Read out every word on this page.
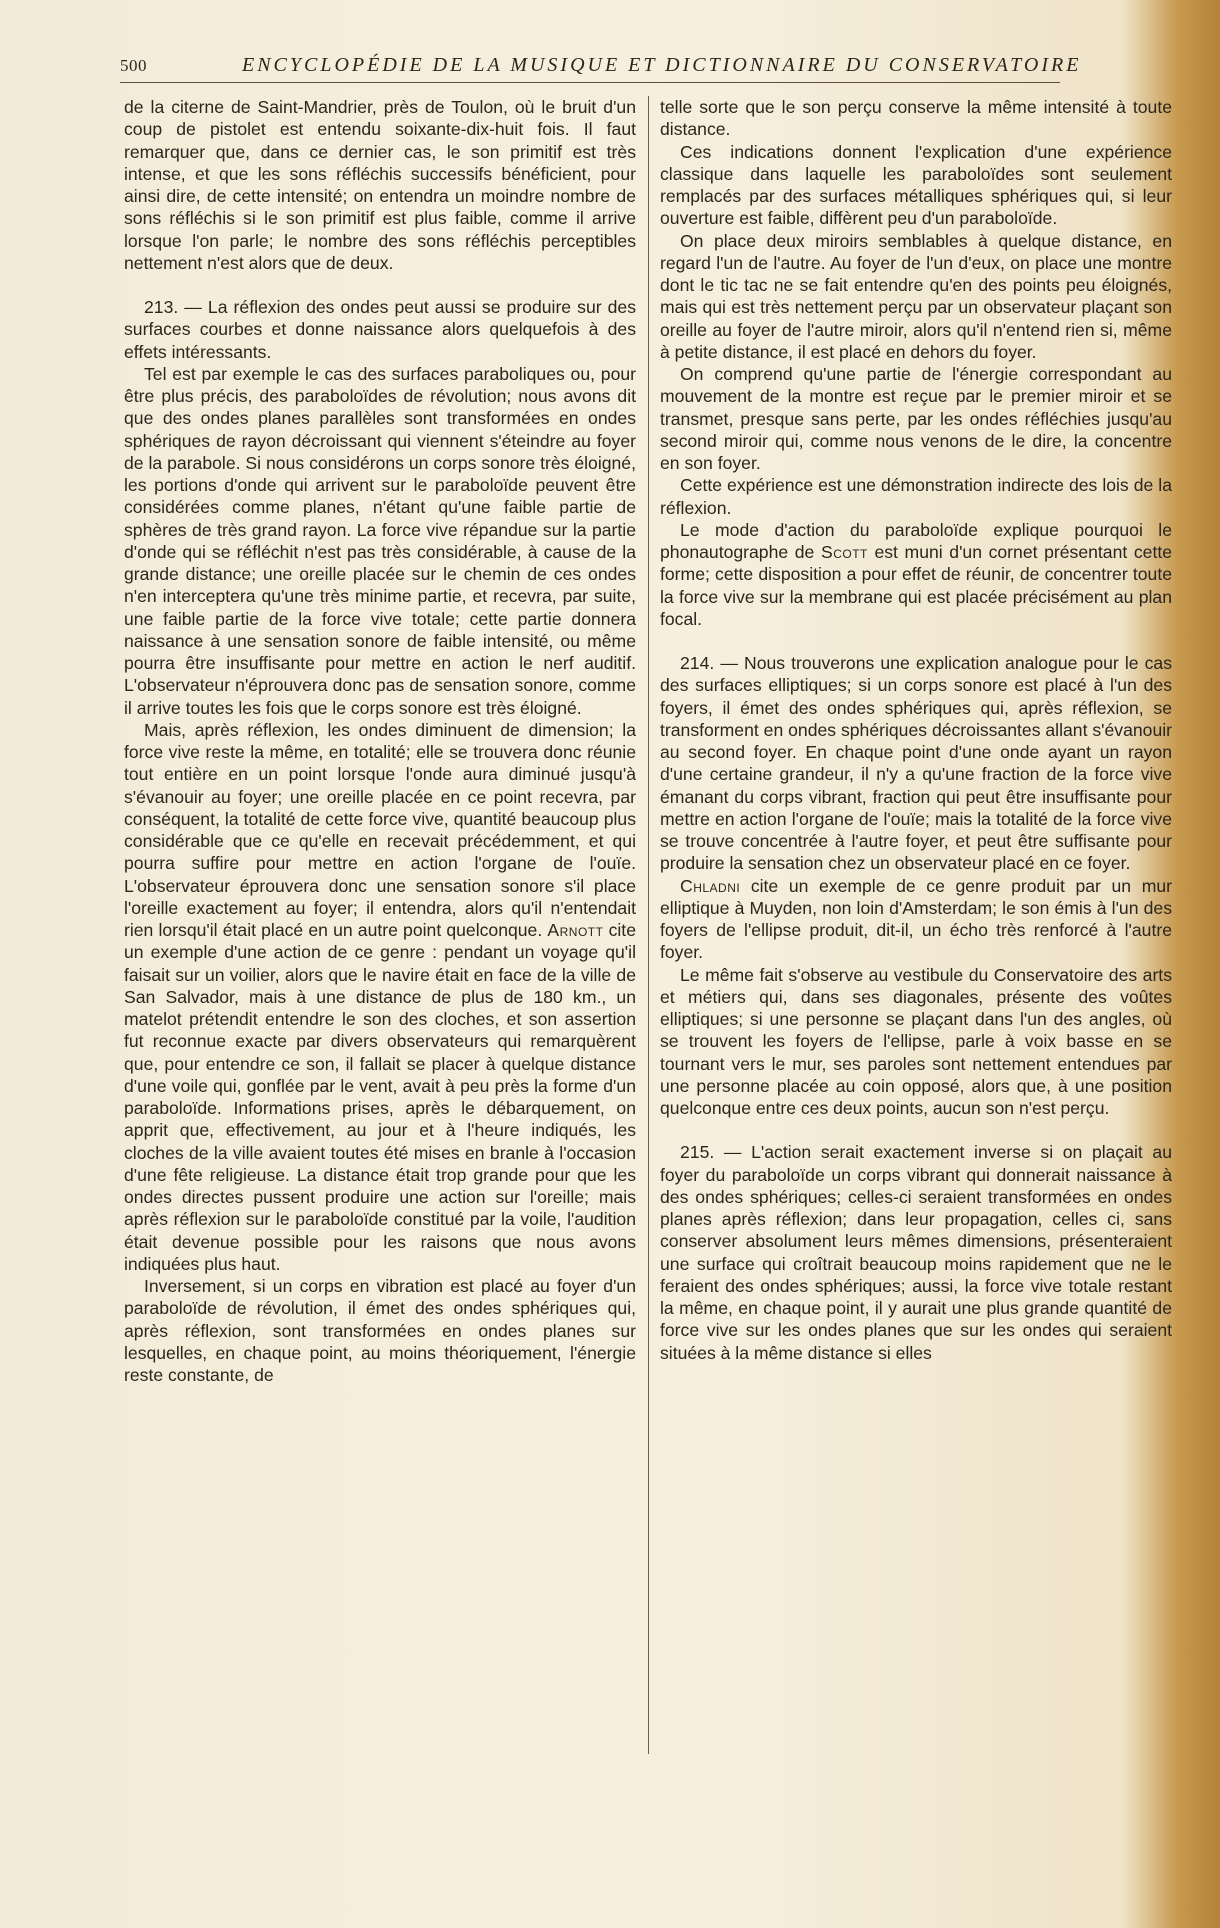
500	ENCYCLOPÉDIE DE LA MUSIQUE ET DICTIONNAIRE DU CONSERVATOIRE

de la citerne de Saint-Mandrier, près de Toulon, où le bruit d'un coup de pistolet est entendu soixante-dix-huit fois. Il faut remarquer que, dans ce dernier cas, le son primitif est très intense, et que les sons réfléchis successifs bénéficient, pour ainsi dire, de cette intensité; on entendra un moindre nombre de sons réfléchis si le son primitif est plus faible, comme il arrive lorsque l'on parle; le nombre des sons réfléchis perceptibles nettement n'est alors que de deux.

213. — La réflexion des ondes peut aussi se produire sur des surfaces courbes et donne naissance alors quelquefois à des effets intéressants.

Tel est par exemple le cas des surfaces paraboliques ou, pour être plus précis, des paraboloïdes de révolution; nous avons dit que des ondes planes parallèles sont transformées en ondes sphériques de rayon décroissant qui viennent s'éteindre au foyer de la parabole. Si nous considérons un corps sonore très éloigné, les portions d'onde qui arrivent sur le paraboloïde peuvent être considérées comme planes, n'étant qu'une faible partie de sphères de très grand rayon. La force vive répandue sur la partie d'onde qui se réfléchit n'est pas très considérable, à cause de la grande distance; une oreille placée sur le chemin de ces ondes n'en interceptera qu'une très minime partie, et recevra, par suite, une faible partie de la force vive totale; cette partie donnera naissance à une sensation sonore de faible intensité, ou même pourra être insuffisante pour mettre en action le nerf auditif. L'observateur n'éprouvera donc pas de sensation sonore, comme il arrive toutes les fois que le corps sonore est très éloigné.

Mais, après réflexion, les ondes diminuent de dimension; la force vive reste la même, en totalité; elle se trouvera donc réunie tout entière en un point lorsque l'onde aura diminué jusqu'à s'évanouir au foyer; une oreille placée en ce point recevra, par conséquent, la totalité de cette force vive, quantité beaucoup plus considérable que ce qu'elle en recevait précédemment, et qui pourra suffire pour mettre en action l'organe de l'ouïe. L'observateur éprouvera donc une sensation sonore s'il place l'oreille exactement au foyer; il entendra, alors qu'il n'entendait rien lorsqu'il était placé en un autre point quelconque. Arnott cite un exemple d'une action de ce genre : pendant un voyage qu'il faisait sur un voilier, alors que le navire était en face de la ville de San Salvador, mais à une distance de plus de 180 km., un matelot prétendit entendre le son des cloches, et son assertion fut reconnue exacte par divers observateurs qui remarquèrent que, pour entendre ce son, il fallait se placer à quelque distance d'une voile qui, gonflée par le vent, avait à peu près la forme d'un paraboloïde. Informations prises, après le débarquement, on apprit que, effectivement, au jour et à l'heure indiqués, les cloches de la ville avaient toutes été mises en branle à l'occasion d'une fête religieuse. La distance était trop grande pour que les ondes directes pussent produire une action sur l'oreille; mais après réflexion sur le paraboloïde constitué par la voile, l'audition était devenue possible pour les raisons que nous avons indiquées plus haut.

Inversement, si un corps en vibration est placé au foyer d'un paraboloïde de révolution, il émet des ondes sphériques qui, après réflexion, sont transformées en ondes planes sur lesquelles, en chaque point, au moins théoriquement, l'énergie reste constante, de

telle sorte que le son perçu conserve la même intensité à toute distance.

Ces indications donnent l'explication d'une expérience classique dans laquelle les paraboloïdes sont seulement remplacés par des surfaces métalliques sphériques qui, si leur ouverture est faible, diffèrent peu d'un paraboloïde.

On place deux miroirs semblables à quelque distance, en regard l'un de l'autre. Au foyer de l'un d'eux, on place une montre dont le tic tac ne se fait entendre qu'en des points peu éloignés, mais qui est très nettement perçu par un observateur plaçant son oreille au foyer de l'autre miroir, alors qu'il n'entend rien si, même à petite distance, il est placé en dehors du foyer.

On comprend qu'une partie de l'énergie correspondant au mouvement de la montre est reçue par le premier miroir et se transmet, presque sans perte, par les ondes réfléchies jusqu'au second miroir qui, comme nous venons de le dire, la concentre en son foyer.

Cette expérience est une démonstration indirecte des lois de la réflexion.

Le mode d'action du paraboloïde explique pourquoi le phonautographe de Scott est muni d'un cornet présentant cette forme; cette disposition a pour effet de réunir, de concentrer toute la force vive sur la membrane qui est placée précisément au plan focal.

214. — Nous trouverons une explication analogue pour le cas des surfaces elliptiques; si un corps sonore est placé à l'un des foyers, il émet des ondes sphériques qui, après réflexion, se transforment en ondes sphériques décroissantes allant s'évanouir au second foyer. En chaque point d'une onde ayant un rayon d'une certaine grandeur, il n'y a qu'une fraction de la force vive émanant du corps vibrant, fraction qui peut être insuffisante pour mettre en action l'organe de l'ouïe; mais la totalité de la force vive se trouve concentrée à l'autre foyer, et peut être suffisante pour produire la sensation chez un observateur placé en ce foyer.

Chladni cite un exemple de ce genre produit par un mur elliptique à Muyden, non loin d'Amsterdam; le son émis à l'un des foyers de l'ellipse produit, dit-il, un écho très renforcé à l'autre foyer.

Le même fait s'observe au vestibule du Conservatoire des arts et métiers qui, dans ses diagonales, présente des voûtes elliptiques; si une personne se plaçant dans l'un des angles, où se trouvent les foyers de l'ellipse, parle à voix basse en se tournant vers le mur, ses paroles sont nettement entendues par une personne placée au coin opposé, alors que, à une position quelconque entre ces deux points, aucun son n'est perçu.

215. — L'action serait exactement inverse si on plaçait au foyer du paraboloïde un corps vibrant qui donnerait naissance à des ondes sphériques; celles-ci seraient transformées en ondes planes après réflexion; dans leur propagation, celles ci, sans conserver absolument leurs mêmes dimensions, présenteraient une surface qui croîtrait beaucoup moins rapidement que ne le feraient des ondes sphériques; aussi, la force vive totale restant la même, en chaque point, il y aurait une plus grande quantité de force vive sur les ondes planes que sur les ondes qui seraient situées à la même distance si elles
